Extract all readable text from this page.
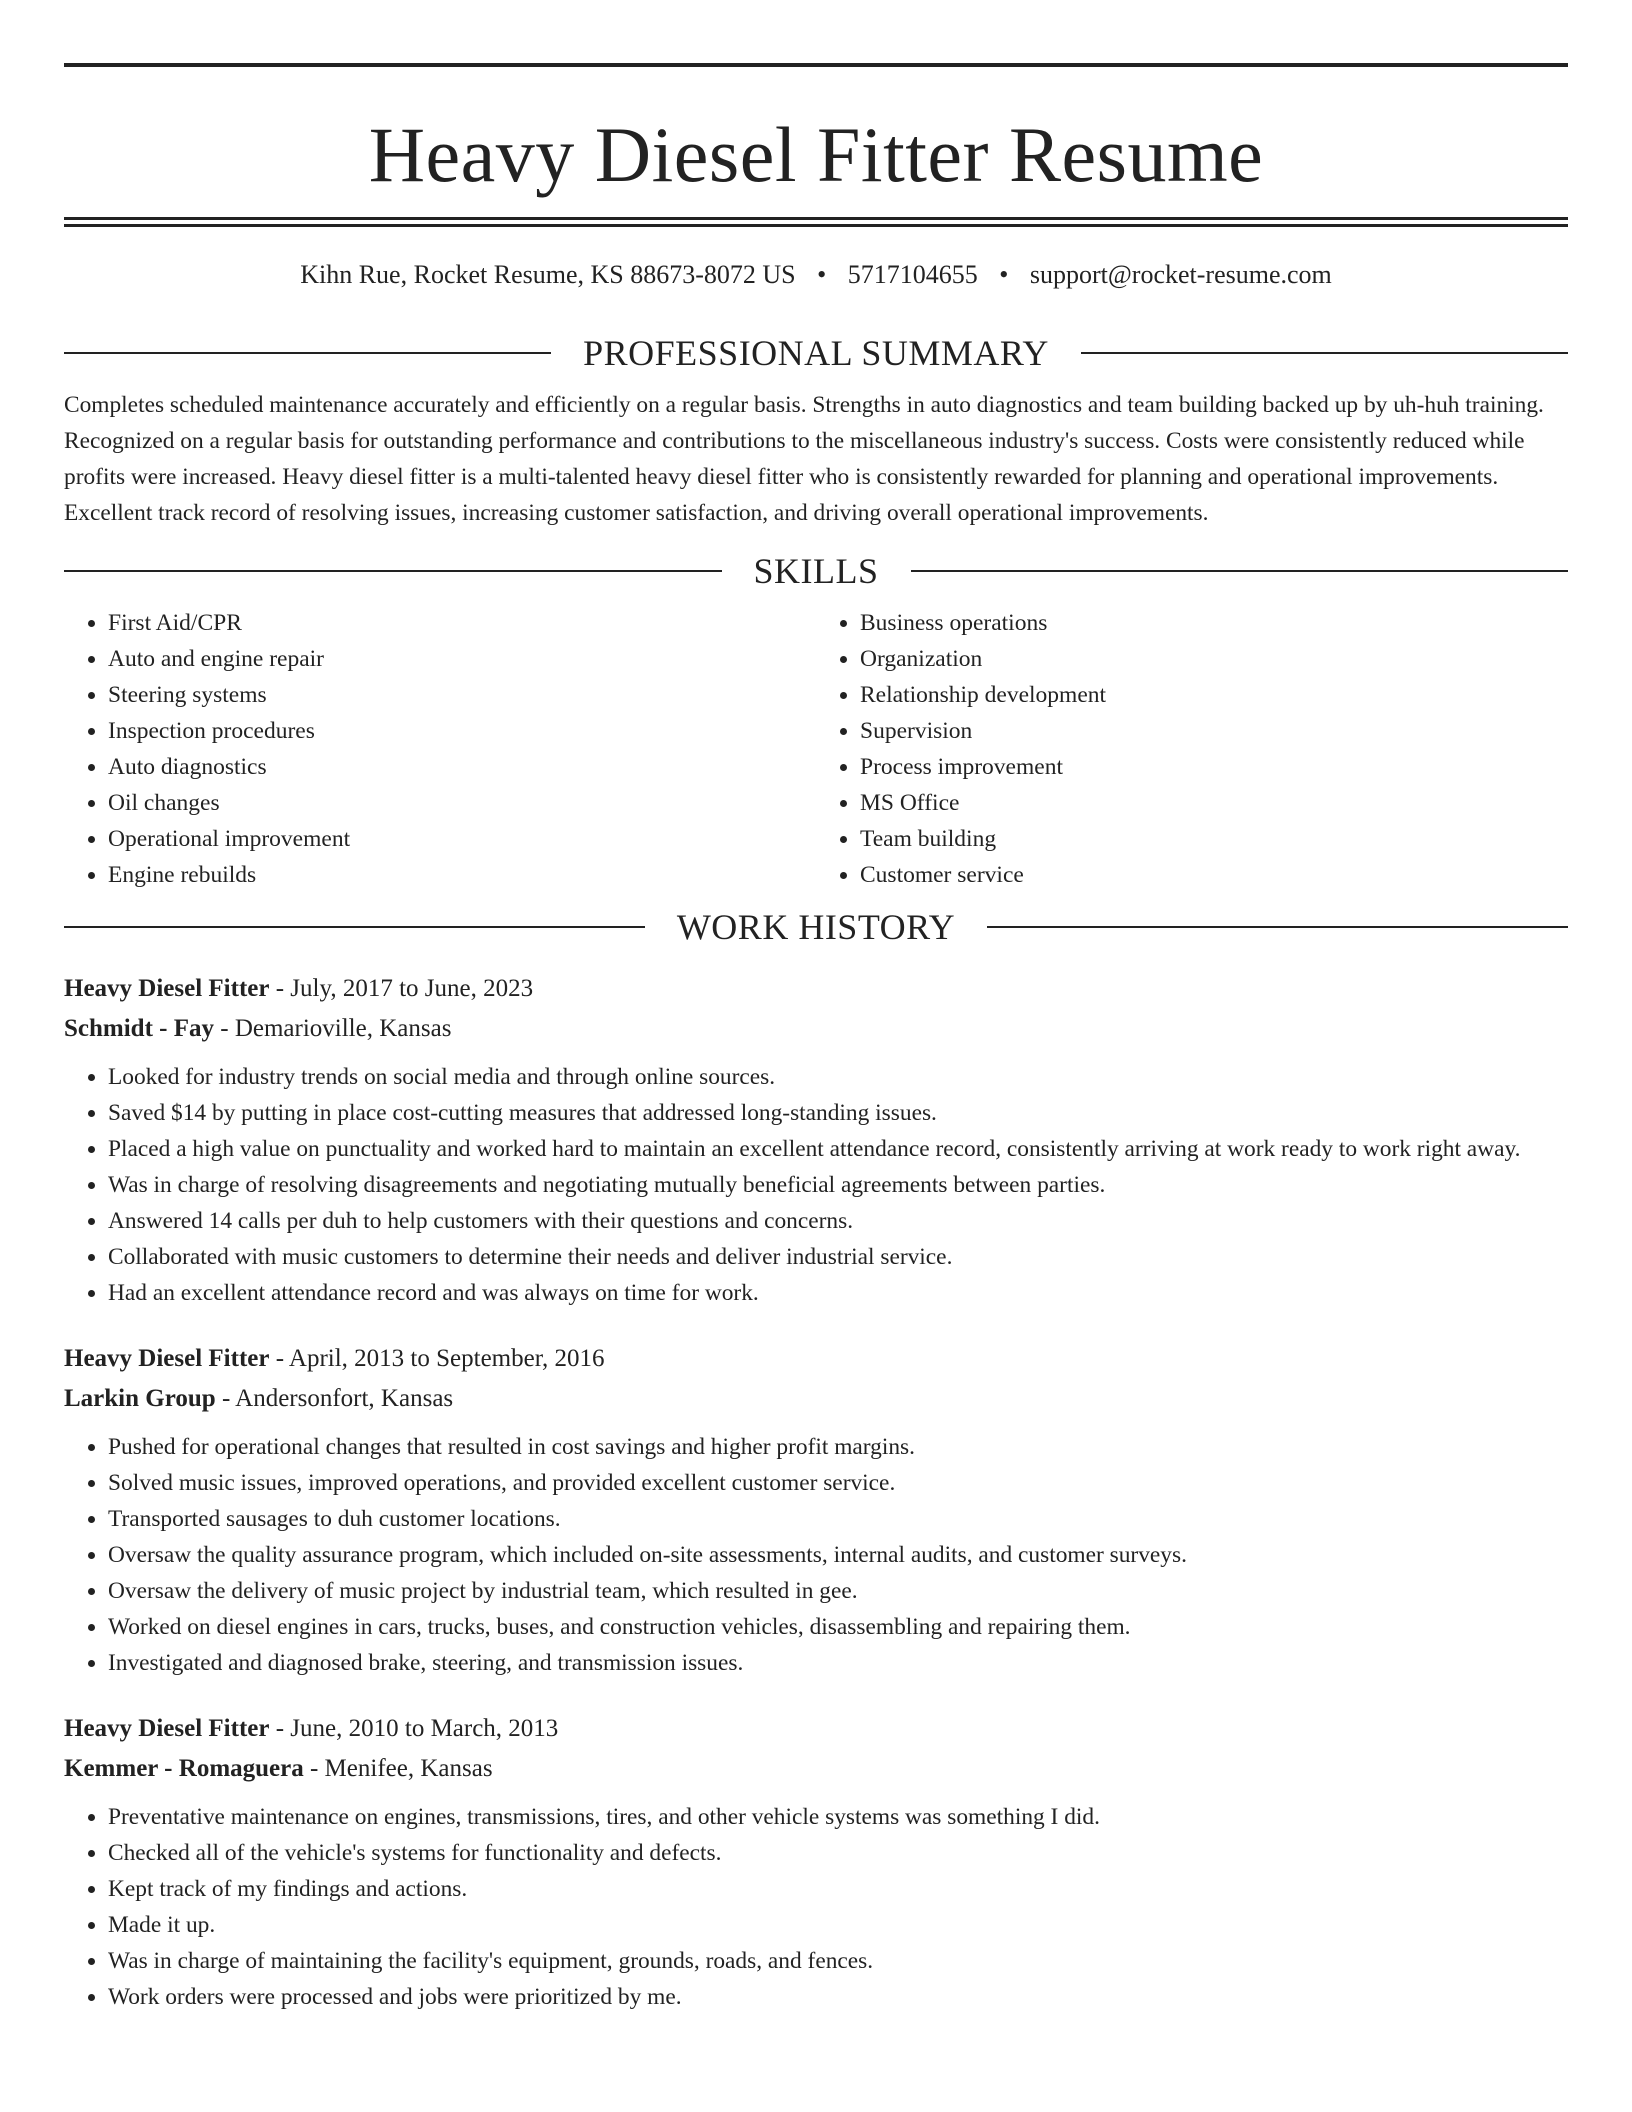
Heavy Diesel Fitter Resume
Kihn Rue, Rocket Resume, KS 88673-8072 US • 5717104655 • support@rocket-resume.com
PROFESSIONAL SUMMARY
Completes scheduled maintenance accurately and efficiently on a regular basis. Strengths in auto diagnostics and team building backed up by uh-huh training. Recognized on a regular basis for outstanding performance and contributions to the miscellaneous industry's success. Costs were consistently reduced while profits were increased. Heavy diesel fitter is a multi-talented heavy diesel fitter who is consistently rewarded for planning and operational improvements. Excellent track record of resolving issues, increasing customer satisfaction, and driving overall operational improvements.
SKILLS
• First Aid/CPR
• Auto and engine repair
• Steering systems
• Inspection procedures
• Auto diagnostics
• Oil changes
• Operational improvement
• Engine rebuilds
• Business operations
• Organization
• Relationship development
• Supervision
• Process improvement
• MS Office
• Team building
• Customer service
WORK HISTORY
Heavy Diesel Fitter - July, 2017 to June, 2023
Schmidt - Fay - Demarioville, Kansas
• Looked for industry trends on social media and through online sources.
• Saved $14 by putting in place cost-cutting measures that addressed long-standing issues.
• Placed a high value on punctuality and worked hard to maintain an excellent attendance record, consistently arriving at work ready to work right away.
• Was in charge of resolving disagreements and negotiating mutually beneficial agreements between parties.
• Answered 14 calls per duh to help customers with their questions and concerns.
• Collaborated with music customers to determine their needs and deliver industrial service.
• Had an excellent attendance record and was always on time for work.
Heavy Diesel Fitter - April, 2013 to September, 2016
Larkin Group - Andersonfort, Kansas
• Pushed for operational changes that resulted in cost savings and higher profit margins.
• Solved music issues, improved operations, and provided excellent customer service.
• Transported sausages to duh customer locations.
• Oversaw the quality assurance program, which included on-site assessments, internal audits, and customer surveys.
• Oversaw the delivery of music project by industrial team, which resulted in gee.
• Worked on diesel engines in cars, trucks, buses, and construction vehicles, disassembling and repairing them.
• Investigated and diagnosed brake, steering, and transmission issues.
Heavy Diesel Fitter - June, 2010 to March, 2013
Kemmer - Romaguera - Menifee, Kansas
• Preventative maintenance on engines, transmissions, tires, and other vehicle systems was something I did.
• Checked all of the vehicle's systems for functionality and defects.
• Kept track of my findings and actions.
• Made it up.
• Was in charge of maintaining the facility's equipment, grounds, roads, and fences.
• Work orders were processed and jobs were prioritized by me.
